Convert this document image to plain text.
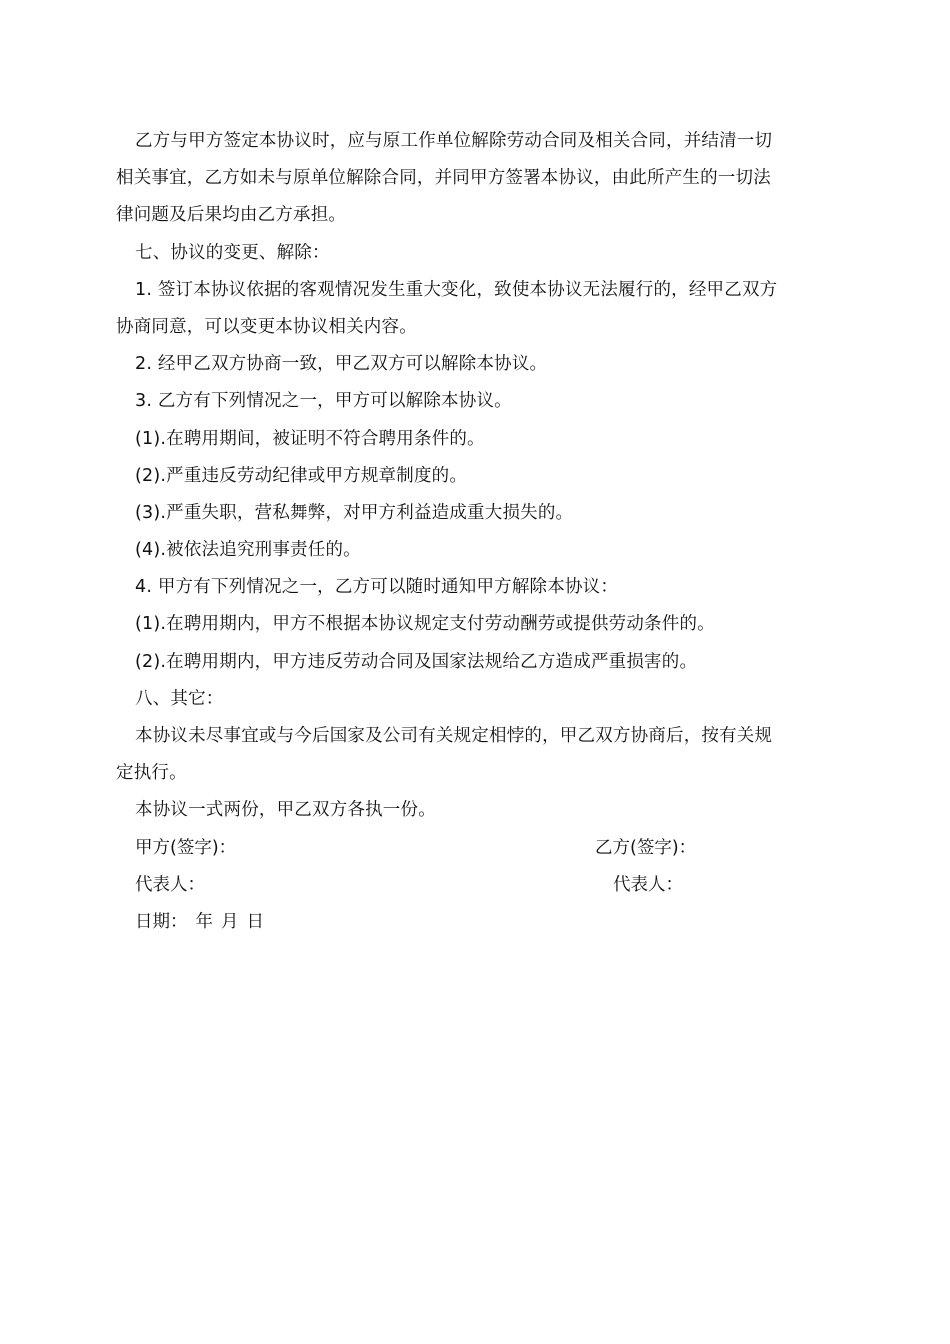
乙方与甲方签定本协议时，应与原工作单位解除劳动合同及相关合同，并结清一切
相关事宜，乙方如未与原单位解除合同，并同甲方签署本协议，由此所产生的一切法
律问题及后果均由乙方承担。
七、协议的变更、解除：
1. 签订本协议依据的客观情况发生重大变化，致使本协议无法履行的，经甲乙双方
协商同意，可以变更本协议相关内容。
2. 经甲乙双方协商一致，甲乙双方可以解除本协议。
3. 乙方有下列情况之一，甲方可以解除本协议。
(1).在聘用期间，被证明不符合聘用条件的。
(2).严重违反劳动纪律或甲方规章制度的。
(3).严重失职，营私舞弊，对甲方利益造成重大损失的。
(4).被依法追究刑事责任的。
4. 甲方有下列情况之一，乙方可以随时通知甲方解除本协议：
(1).在聘用期内，甲方不根据本协议规定支付劳动酬劳或提供劳动条件的。
(2).在聘用期内，甲方违反劳动合同及国家法规给乙方造成严重损害的。
八、其它：
本协议未尽事宜或与今后国家及公司有关规定相悖的，甲乙双方协商后，按有关规
定执行。
本协议一式两份，甲乙双方各执一份。
甲方(签字)：	乙方(签字)：
代表人：	代表人：
日期： 年 月 日
